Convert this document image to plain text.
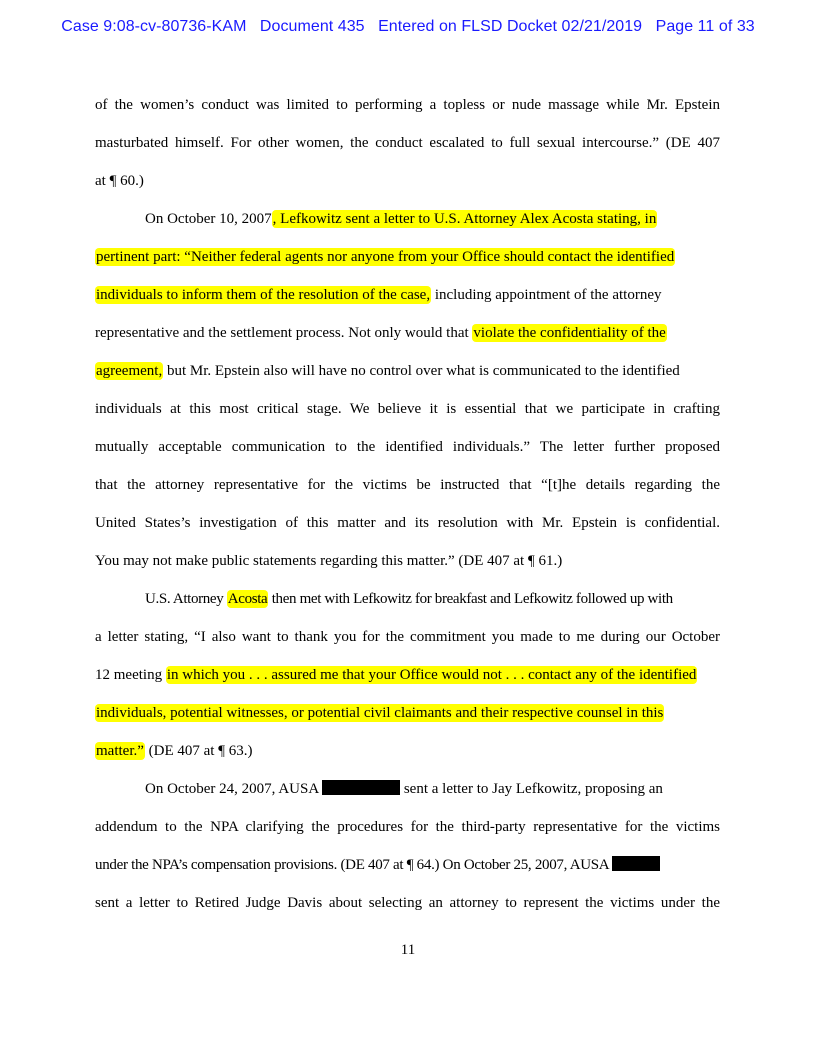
Case 9:08-cv-80736-KAM   Document 435   Entered on FLSD Docket 02/21/2019   Page 11 of 33
of the women’s conduct was limited to performing a topless or nude massage while Mr. Epstein
masturbated himself. For other women, the conduct escalated to full sexual intercourse.” (DE 407
at ¶ 60.)
On October 10, 2007, Lefkowitz sent a letter to U.S. Attorney Alex Acosta stating, in
pertinent part: “Neither federal agents nor anyone from your Office should contact the identified
individuals to inform them of the resolution of the case, including appointment of the attorney
representative and the settlement process. Not only would that violate the confidentiality of the
agreement, but Mr. Epstein also will have no control over what is communicated to the identified
individuals at this most critical stage. We believe it is essential that we participate in crafting
mutually acceptable communication to the identified individuals.” The letter further proposed
that the attorney representative for the victims be instructed that “[t]he details regarding the
United States’s investigation of this matter and its resolution with Mr. Epstein is confidential.
You may not make public statements regarding this matter.” (DE 407 at ¶ 61.)
U.S. Attorney Acosta then met with Lefkowitz for breakfast and Lefkowitz followed up with
a letter stating, “I also want to thank you for the commitment you made to me during our October
12 meeting in which you . . . assured me that your Office would not . . . contact any of the identified
individuals, potential witnesses, or potential civil claimants and their respective counsel in this
matter.” (DE 407 at ¶ 63.)
On October 24, 2007, AUSA	sent a letter to Jay Lefkowitz, proposing an
addendum to the NPA clarifying the procedures for the third-party representative for the victims
under the NPA’s compensation provisions. (DE 407 at ¶ 64.) On October 25, 2007, AUSA
sent a letter to Retired Judge Davis about selecting an attorney to represent the victims under the
11
